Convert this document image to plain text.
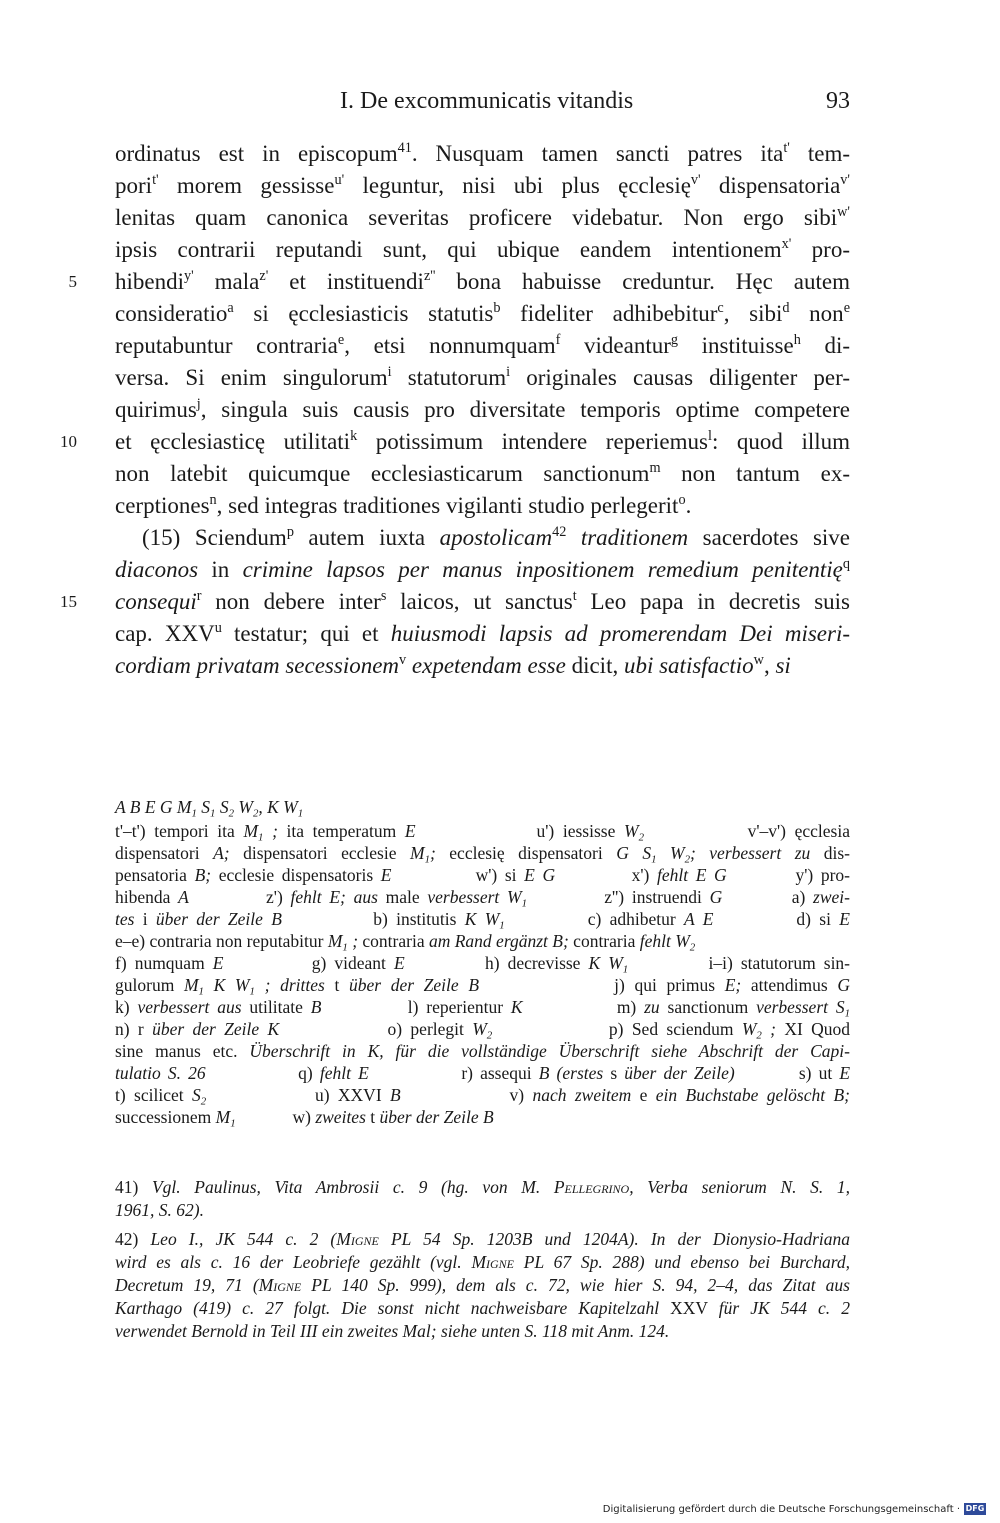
I. De excommunicatis vitandis	93
ordinatus est in episcopum$^{41}$. Nusquam tamen sancti patres ita$^{t'}$ tem-
pori$^{t'}$ morem gessisse$^{u'}$ leguntur, nisi ubi plus ęcclesię$^{v'}$ dispensatoria$^{v'}$
lenitas quam canonica severitas proficere videbatur. Non ergo sibi$^{w'}$
ipsis contrarii reputandi sunt, qui ubique eandem intentionem$^{x'}$ pro-
5 hibendi$^{y'}$ mala$^{z'}$ et instituendi$^{z''}$ bona habuisse creduntur. Hęc autem
consideratio$^a$ si ęcclesiasticis statutis$^b$ fideliter adhibebitur$^c$, sibi$^d$ non$^e$
reputabuntur contraria$^e$, etsi nonnumquam$^f$ videantur$^g$ instituisse$^h$ di-
versa. Si enim singulorum$^i$ statutorum$^i$ originales causas diligenter per-
quirimus$^j$, singula suis causis pro diversitate temporis optime competere
10 et ęcclesiasticę utilitati$^k$ potissimum intendere reperiemus$^l$: quod illum
non latebit quicumque ecclesiasticarum sanctionum$^m$ non tantum ex-
cerptiones$^n$, sed integras traditiones vigilanti studio perlegerit$^o$.
(15) Sciendum$^p$ autem iuxta apostolicam$^{42}$ traditionem sacerdotes sive
diaconos in crimine lapsos per manus inpositionem remedium penitentię$^q$
15 consequi$^r$ non debere inter$^s$ laicos, ut sanctus$^t$ Leo papa in decretis suis
cap. XXV$^u$ testatur; qui et huiusmodi lapsis ad promerendam Dei miseri-
cordiam privatam secessionem$^v$ expetendam esse dicit, ubi satisfactio$^w$, si
A B E G $M_1$ $S_1$ $S_2$ $W_2$, K $W_1$
t'–t') tempori ita $M_1$ ; ita temperatum E              u') iessisse $W_2$            v'–v') ęcclesia
dispensatori A; dispensatori ecclesie $M_1$; ecclesię dispensatori G $S_1$ $W_2$; verbessert zu dis-
pensatoria B; ecclesie dispensatoris E           w') si E G          x') fehlt E G         y') pro-
hibenda A          z') fehlt E; aus male verbessert $W_1$          z'') instruendi G         a) zwei-
tes i über der Zeile B           b) institutis K $W_1$          c) adhibetur A E          d) si E
e–e) contraria non reputabitur $M_1$ ; contraria am Rand ergänzt B; contraria fehlt $W_2$
f) numquam E           g) videant E          h) decrevisse K $W_1$          i–i) statutorum sin-
gulorum $M_1$ K $W_1$ ; drittes t über der Zeile B              j) qui primus E; attendimus G
k) verbessert aus utilitate B           l) reperientur K            m) zu sanctionum verbessert $S_1$
n) r über der Zeile K             o) perlegit $W_2$              p) Sed sciendum $W_2$ ; XI Quod
sine manus etc. Überschrift in K, für die vollständige Überschrift siehe Abschrift der Capi-
tulatio S. 26             q) fehlt E             r) assequi B (erstes s über der Zeile)         s) ut E
t) scilicet $S_2$             u) XXVI B             v) nach zweitem e ein Buchstabe gelöscht B;
successionem $M_1$             w) zweites t über der Zeile B
41) Vgl. Paulinus, Vita Ambrosii c. 9 (hg. von M. Pellegrino, Verba seniorum N. S. 1,
1961, S. 62).
42) Leo I., JK 544 c. 2 (Migne PL 54 Sp. 1203B und 1204A). In der Dionysio-Hadriana
wird es als c. 16 der Leobriefe gezählt (vgl. Migne PL 67 Sp. 288) und ebenso bei Burchard,
Decretum 19, 71 (Migne PL 140 Sp. 999), dem als c. 72, wie hier S. 94, 2–4, das Zitat aus
Karthago (419) c. 27 folgt. Die sonst nicht nachweisbare Kapitelzahl XXV für JK 544 c. 2
verwendet Bernold in Teil III ein zweites Mal; siehe unten S. 118 mit Anm. 124.
Digitalisierung gefördert durch die Deutsche Forschungsgemeinschaft · DFG
